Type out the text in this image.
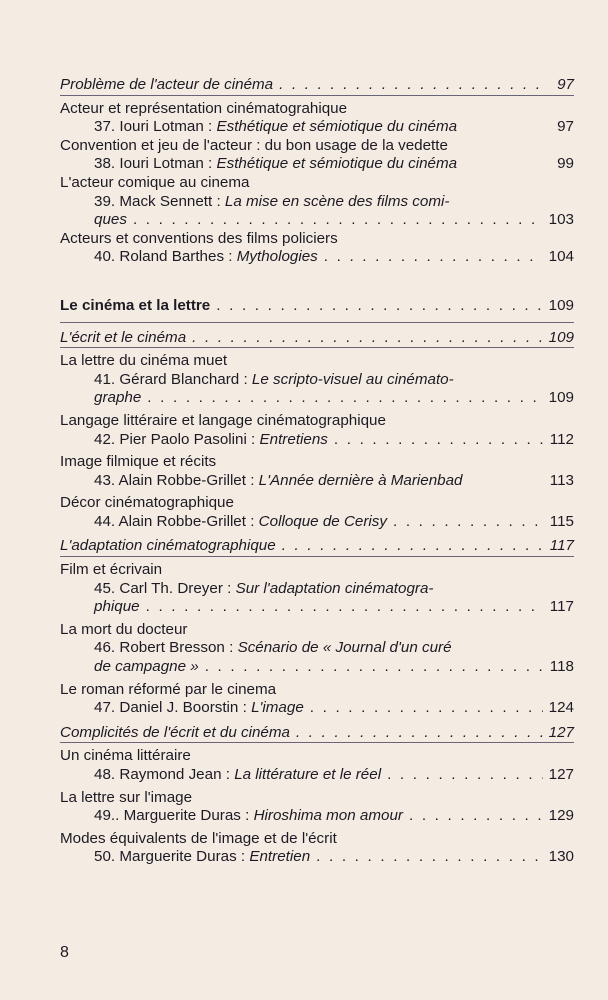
Problème de l'acteur de cinéma . . .	97
Acteur et représentation cinématograhique
37. Iouri Lotman : Esthétique et sémiotique du cinéma	97
Convention et jeu de l'acteur : du bon usage de la vedette
38. Iouri Lotman : Esthétique et sémiotique du cinéma	99
L'acteur comique au cinema
39. Mack Sennett : La mise en scène des films comi-
ques . . .	103
Acteurs et conventions des films policiers
40. Roland Barthes : Mythologies . . .	104
Le cinéma et la lettre . . .	109
L'écrit et le cinéma . . .	109
La lettre du cinéma muet
41. Gérard Blanchard : Le scripto-visuel au cinémato-
graphe . . .	109
Langage littéraire et langage cinématographique
42. Pier Paolo Pasolini : Entretiens . . .	112
Image filmique et récits
43. Alain Robbe-Grillet : L'Année dernière à Marienbad	113
Décor cinématographique
44. Alain Robbe-Grillet : Colloque de Cerisy . . .	115
L'adaptation cinématographique . . .	117
Film et écrivain
45. Carl Th. Dreyer : Sur l'adaptation cinématogra-
phique . . .	117
La mort du docteur
46. Robert Bresson : Scénario de « Journal d'un curé
de campagne » . . .	118
Le roman réformé par le cinema
47. Daniel J. Boorstin : L'image . . .	124
Complicités de l'écrit et du cinéma . . .	127
Un cinéma littéraire
48. Raymond Jean : La littérature et le réel . . .	127
La lettre sur l'image
49.. Marguerite Duras : Hiroshima mon amour . . .	129
Modes équivalents de l'image et de l'écrit
50. Marguerite Duras : Entretien . . .	130
8
